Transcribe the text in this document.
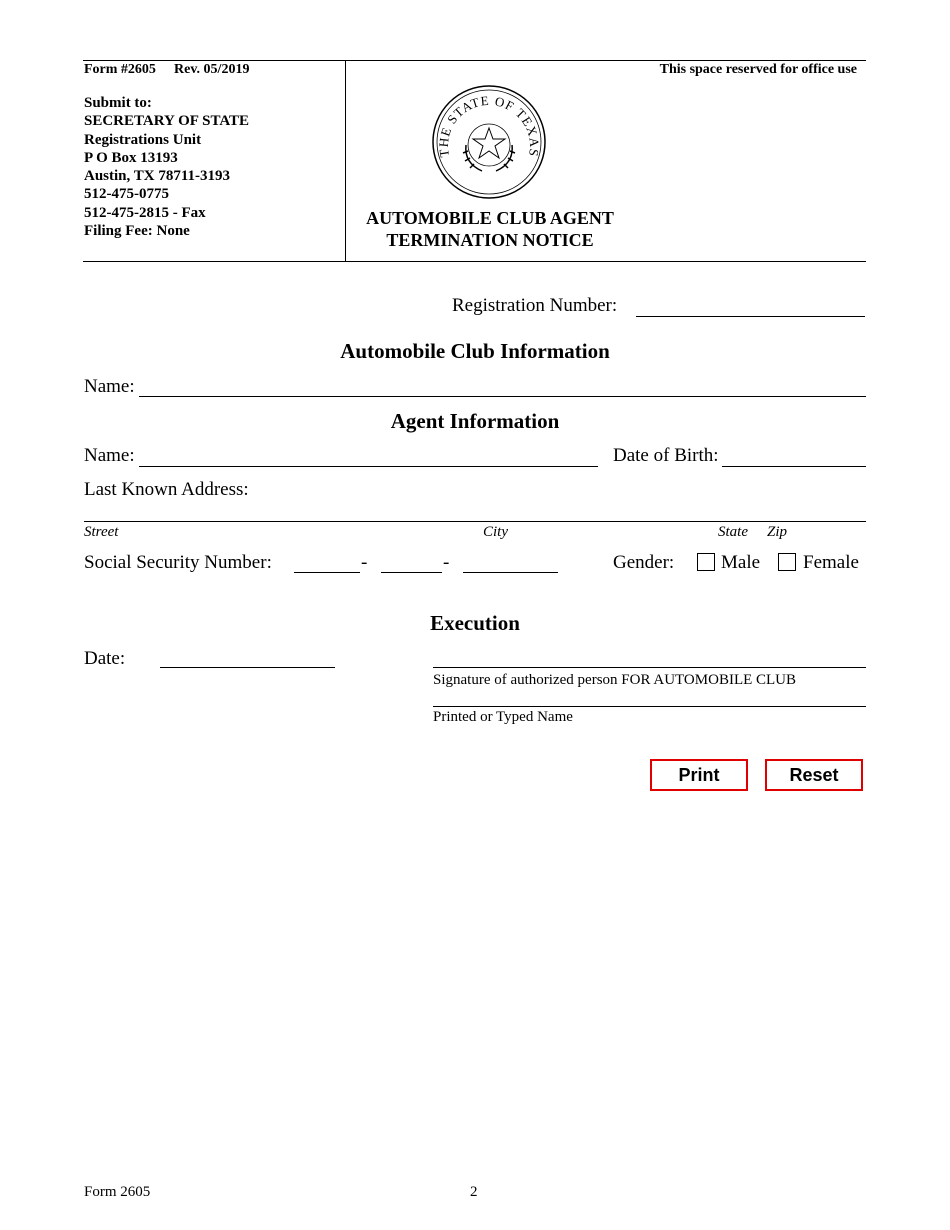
Form #2605 Rev. 05/2019
Submit to:
SECRETARY OF STATE
Registrations Unit
P O Box 13193
Austin, TX 78711-3193
512-475-0775
512-475-2815 - Fax
Filing Fee: None
This space reserved for office use
THE STATE OF TEXAS
AUTOMOBILE CLUB AGENT
TERMINATION NOTICE
Registration Number:
Automobile Club Information
Name:
Agent Information
Name:	Date of Birth:
Last Known Address:
Street	City	State Zip
Social Security Number:	-	-	Gender: Male Female
Execution
Date:
Signature of authorized person FOR AUTOMOBILE CLUB
Printed or Typed Name
Print	Reset
Form 2605	2
